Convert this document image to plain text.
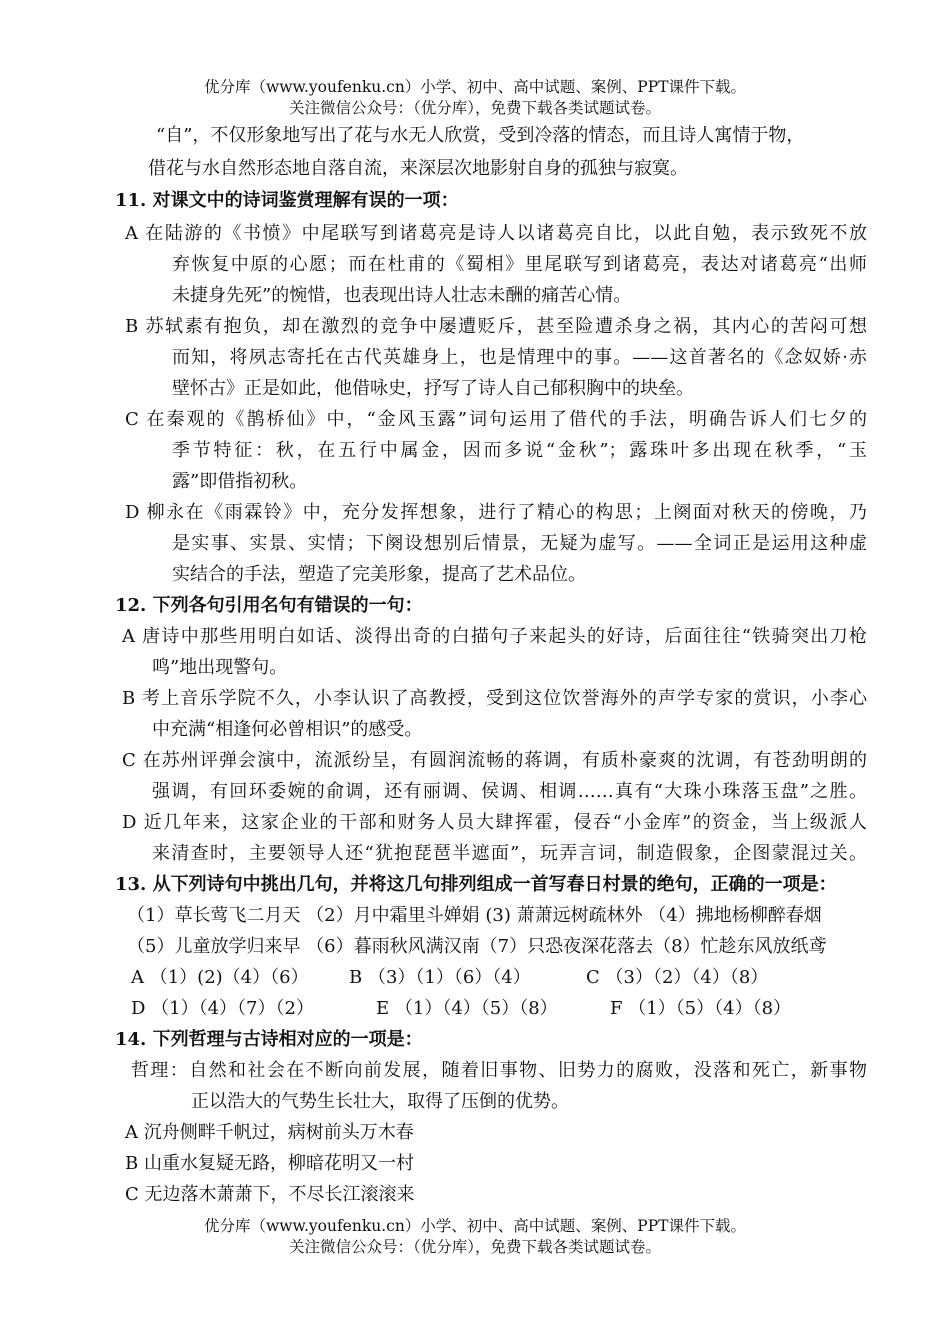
优分库（www.youfenku.cn）小学、初中、高中试题、案例、PPT课件下载。
关注微信公众号：（优分库），免费下载各类试题试卷。
“自”，不仅形象地写出了花与水无人欣赏，受到冷落的情态，而且诗人寓情于物，
借花与水自然形态地自落自流，来深层次地影射自身的孤独与寂寞。
11. 对课文中的诗词鉴赏理解有误的一项：
A 在陆游的《书愤》中尾联写到诸葛亮是诗人以诸葛亮自比，以此自勉，表示致死不放
弃恢复中原的心愿；而在杜甫的《蜀相》里尾联写到诸葛亮，表达对诸葛亮“出师
未捷身先死”的惋惜，也表现出诗人壮志未酬的痛苦心情。
B 苏轼素有抱负，却在激烈的竞争中屡遭贬斥，甚至险遭杀身之祸，其内心的苦闷可想
而知，将夙志寄托在古代英雄身上，也是情理中的事。——这首著名的《念奴娇·赤
壁怀古》正是如此，他借咏史，抒写了诗人自己郁积胸中的块垒。
C 在秦观的《鹊桥仙》中，“金风玉露”词句运用了借代的手法，明确告诉人们七夕的
季节特征：秋，在五行中属金，因而多说“金秋”；露珠叶多出现在秋季，“玉
露”即借指初秋。
D 柳永在《雨霖铃》中，充分发挥想象，进行了精心的构思；上阕面对秋天的傍晚，乃
是实事、实景、实情；下阕设想别后情景，无疑为虚写。——全词正是运用这种虚
实结合的手法，塑造了完美形象，提高了艺术品位。
12. 下列各句引用名句有错误的一句：
A 唐诗中那些用明白如话、淡得出奇的白描句子来起头的好诗，后面往往“铁骑突出刀枪
鸣”地出现警句。
B 考上音乐学院不久，小李认识了高教授，受到这位饮誉海外的声学专家的赏识，小李心
中充满“相逢何必曾相识”的感受。
C 在苏州评弹会演中，流派纷呈，有圆润流畅的蒋调，有质朴豪爽的沈调，有苍劲明朗的
强调，有回环委婉的俞调，还有丽调、侯调、相调……真有“大珠小珠落玉盘”之胜。
D 近几年来，这家企业的干部和财务人员大肆挥霍，侵吞“小金库”的资金，当上级派人
来清查时，主要领导人还“犹抱琵琶半遮面”，玩弄言词，制造假象，企图蒙混过关。
13. 从下列诗句中挑出几句，并将这几句排列组成一首写春日村景的绝句，正确的一项是：
（1）草长莺飞二月天 （2）月中霜里斗婵娟 (3) 萧萧远树疏林外 （4）拂地杨柳醉春烟
（5）儿童放学归来早 （6）暮雨秋风满汉南（7）只恐夜深花落去（8）忙趁东风放纸鸢
A （1）(2)（4）（6） B （3）（1）（6）（4）	C （3）（2）（4）（8）
D （1）（4）（7）（2）	E （1）（4）（5）（8）	F （1）（5）（4）（8）
14. 下列哲理与古诗相对应的一项是：
哲理：自然和社会在不断向前发展，随着旧事物、旧势力的腐败，没落和死亡，新事物
正以浩大的气势生长壮大，取得了压倒的优势。
A 沉舟侧畔千帆过，病树前头万木春
B 山重水复疑无路，柳暗花明又一村
C 无边落木萧萧下，不尽长江滚滚来
优分库（www.youfenku.cn）小学、初中、高中试题、案例、PPT课件下载。
关注微信公众号：（优分库），免费下载各类试题试卷。
